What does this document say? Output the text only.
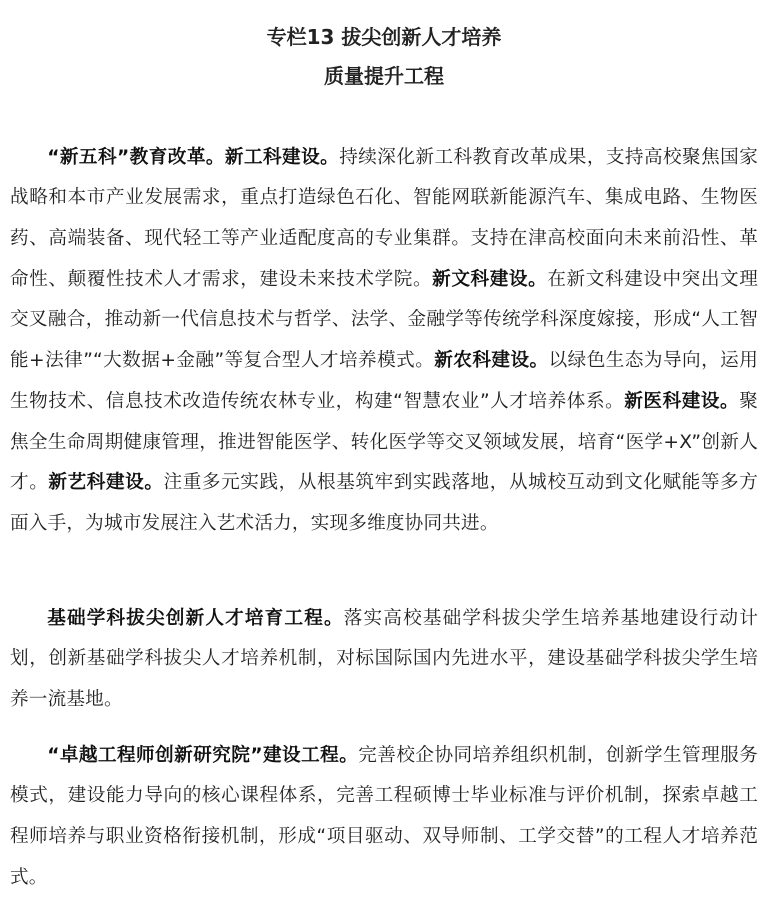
专栏13 拔尖创新人才培养
质量提升工程

“新五科”教育改革。新工科建设。持续深化新工科教育改革成果，支持高校聚焦国家战略和本市产业发展需求，重点打造绿色石化、智能网联新能源汽车、集成电路、生物医药、高端装备、现代轻工等产业适配度高的专业集群。支持在津高校面向未来前沿性、革命性、颠覆性技术人才需求，建设未来技术学院。新文科建设。在新文科建设中突出文理交叉融合，推动新一代信息技术与哲学、法学、金融学等传统学科深度嫁接，形成“人工智能+法律”“大数据+金融”等复合型人才培养模式。新农科建设。以绿色生态为导向，运用生物技术、信息技术改造传统农林专业，构建“智慧农业”人才培养体系。新医科建设。聚焦全生命周期健康管理，推进智能医学、转化医学等交叉领域发展，培育“医学+X”创新人才。新艺科建设。注重多元实践，从根基筑牢到实践落地，从城校互动到文化赋能等多方面入手，为城市发展注入艺术活力，实现多维度协同共进。

基础学科拔尖创新人才培育工程。落实高校基础学科拔尖学生培养基地建设行动计划，创新基础学科拔尖人才培养机制，对标国际国内先进水平，建设基础学科拔尖学生培养一流基地。

“卓越工程师创新研究院”建设工程。完善校企协同培养组织机制，创新学生管理服务模式，建设能力导向的核心课程体系，完善工程硕博士毕业标准与评价机制，探索卓越工程师培养与职业资格衔接机制，形成“项目驱动、双导师制、工学交替”的工程人才培养范式。
